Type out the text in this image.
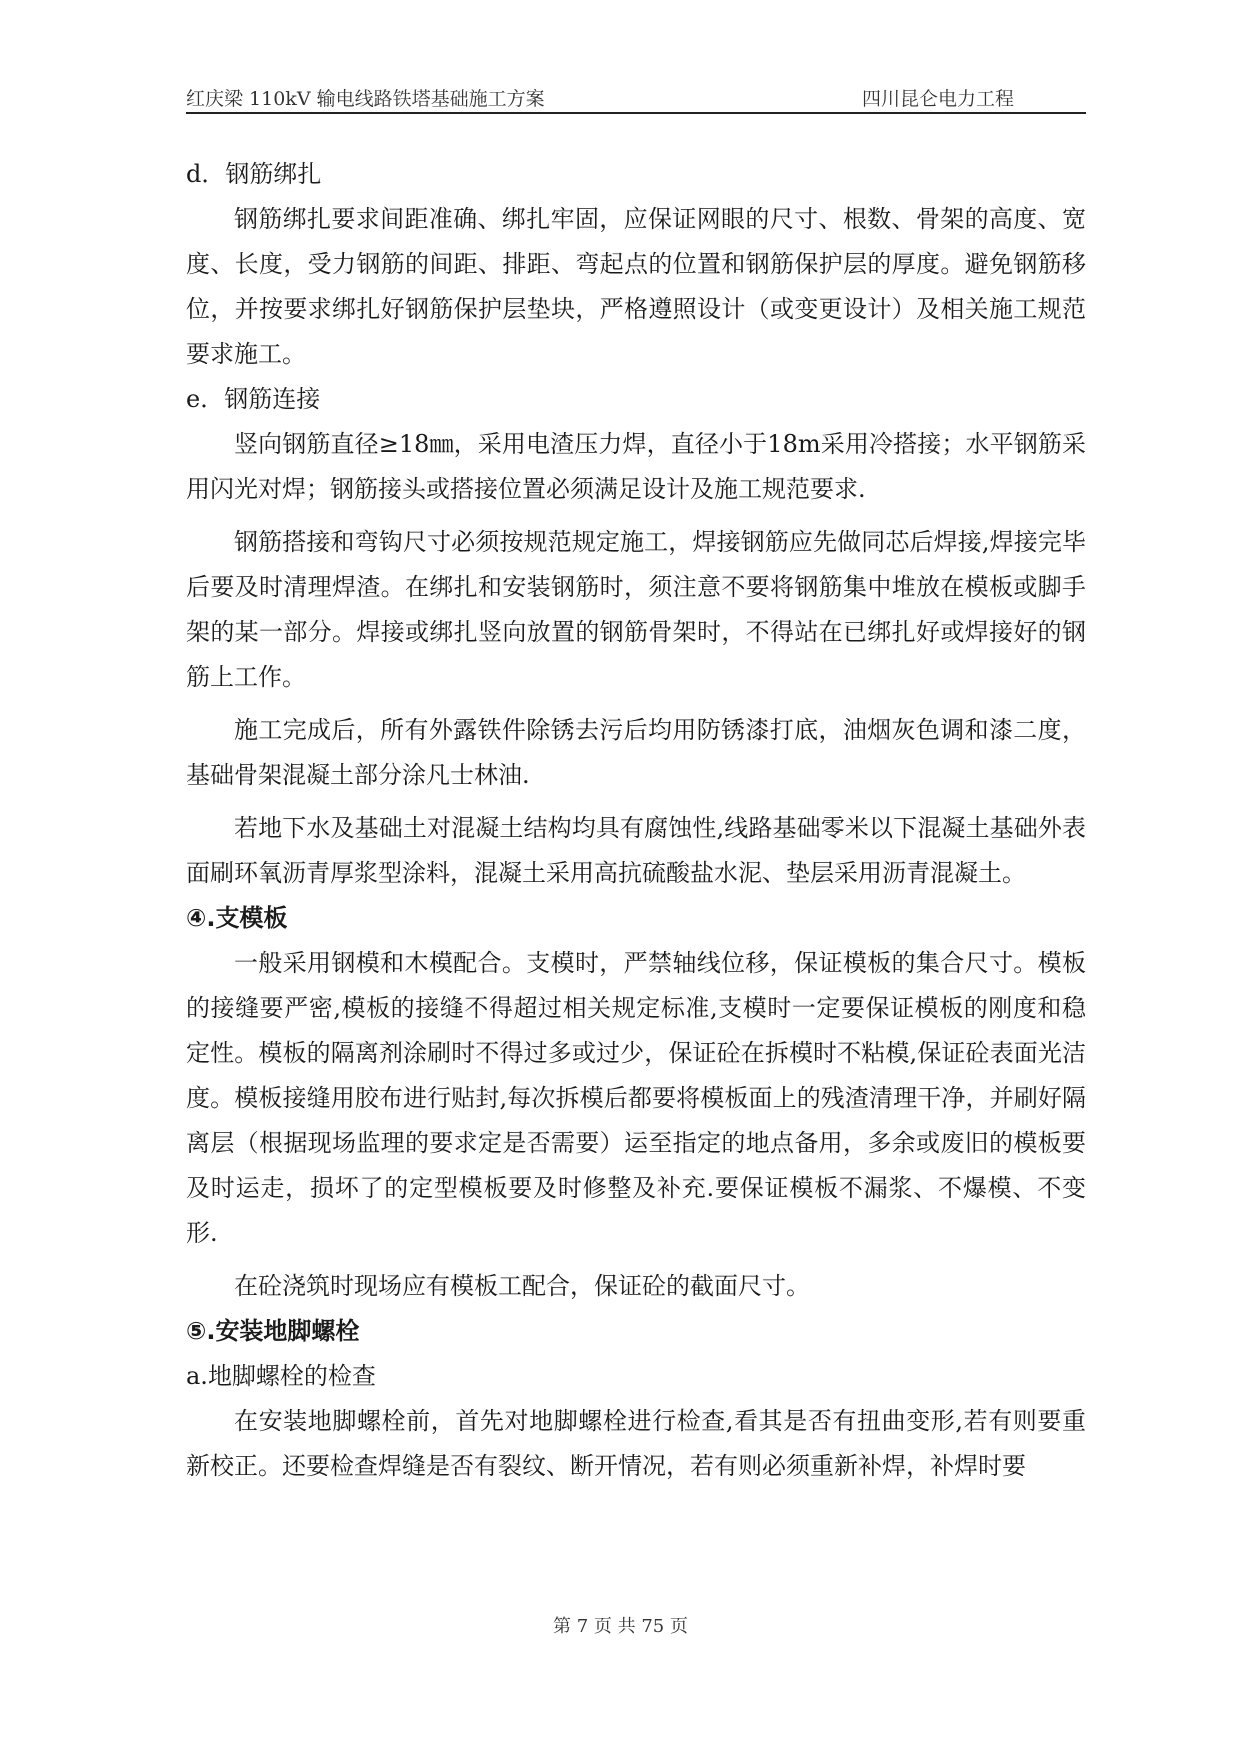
红庆梁 110kV 输电线路铁塔基础施工方案	四川昆仑电力工程
d．钢筋绑扎

钢筋绑扎要求间距准确、绑扎牢固，应保证网眼的尺寸、根数、骨架的高度、宽度、长度，受力钢筋的间距、排距、弯起点的位置和钢筋保护层的厚度。避免钢筋移位，并按要求绑扎好钢筋保护层垫块，严格遵照设计（或变更设计）及相关施工规范要求施工。

e．钢筋连接

竖向钢筋直径≥18㎜，采用电渣压力焊，直径小于18m采用冷搭接；水平钢筋采用闪光对焊；钢筋接头或搭接位置必须满足设计及施工规范要求.

钢筋搭接和弯钩尺寸必须按规范规定施工，焊接钢筋应先做同芯后焊接,焊接完毕后要及时清理焊渣。在绑扎和安装钢筋时，须注意不要将钢筋集中堆放在模板或脚手架的某一部分。焊接或绑扎竖向放置的钢筋骨架时，不得站在已绑扎好或焊接好的钢筋上工作。

施工完成后，所有外露铁件除锈去污后均用防锈漆打底，油烟灰色调和漆二度，基础骨架混凝土部分涂凡士林油.

若地下水及基础土对混凝土结构均具有腐蚀性,线路基础零米以下混凝土基础外表面刷环氧沥青厚浆型涂料，混凝土采用高抗硫酸盐水泥、垫层采用沥青混凝土。

④.支模板

一般采用钢模和木模配合。支模时，严禁轴线位移，保证模板的集合尺寸。模板的接缝要严密,模板的接缝不得超过相关规定标准,支模时一定要保证模板的刚度和稳定性。模板的隔离剂涂刷时不得过多或过少，保证砼在拆模时不粘模,保证砼表面光洁度。模板接缝用胶布进行贴封,每次拆模后都要将模板面上的残渣清理干净，并刷好隔离层（根据现场监理的要求定是否需要）运至指定的地点备用，多余或废旧的模板要及时运走，损坏了的定型模板要及时修整及补充.要保证模板不漏浆、不爆模、不变形.

在砼浇筑时现场应有模板工配合，保证砼的截面尺寸。

⑤.安装地脚螺栓
a.地脚螺栓的检查

在安装地脚螺栓前，首先对地脚螺栓进行检查,看其是否有扭曲变形,若有则要重新校正。还要检查焊缝是否有裂纹、断开情况，若有则必须重新补焊，补焊时要

第 7 页 共 75 页
